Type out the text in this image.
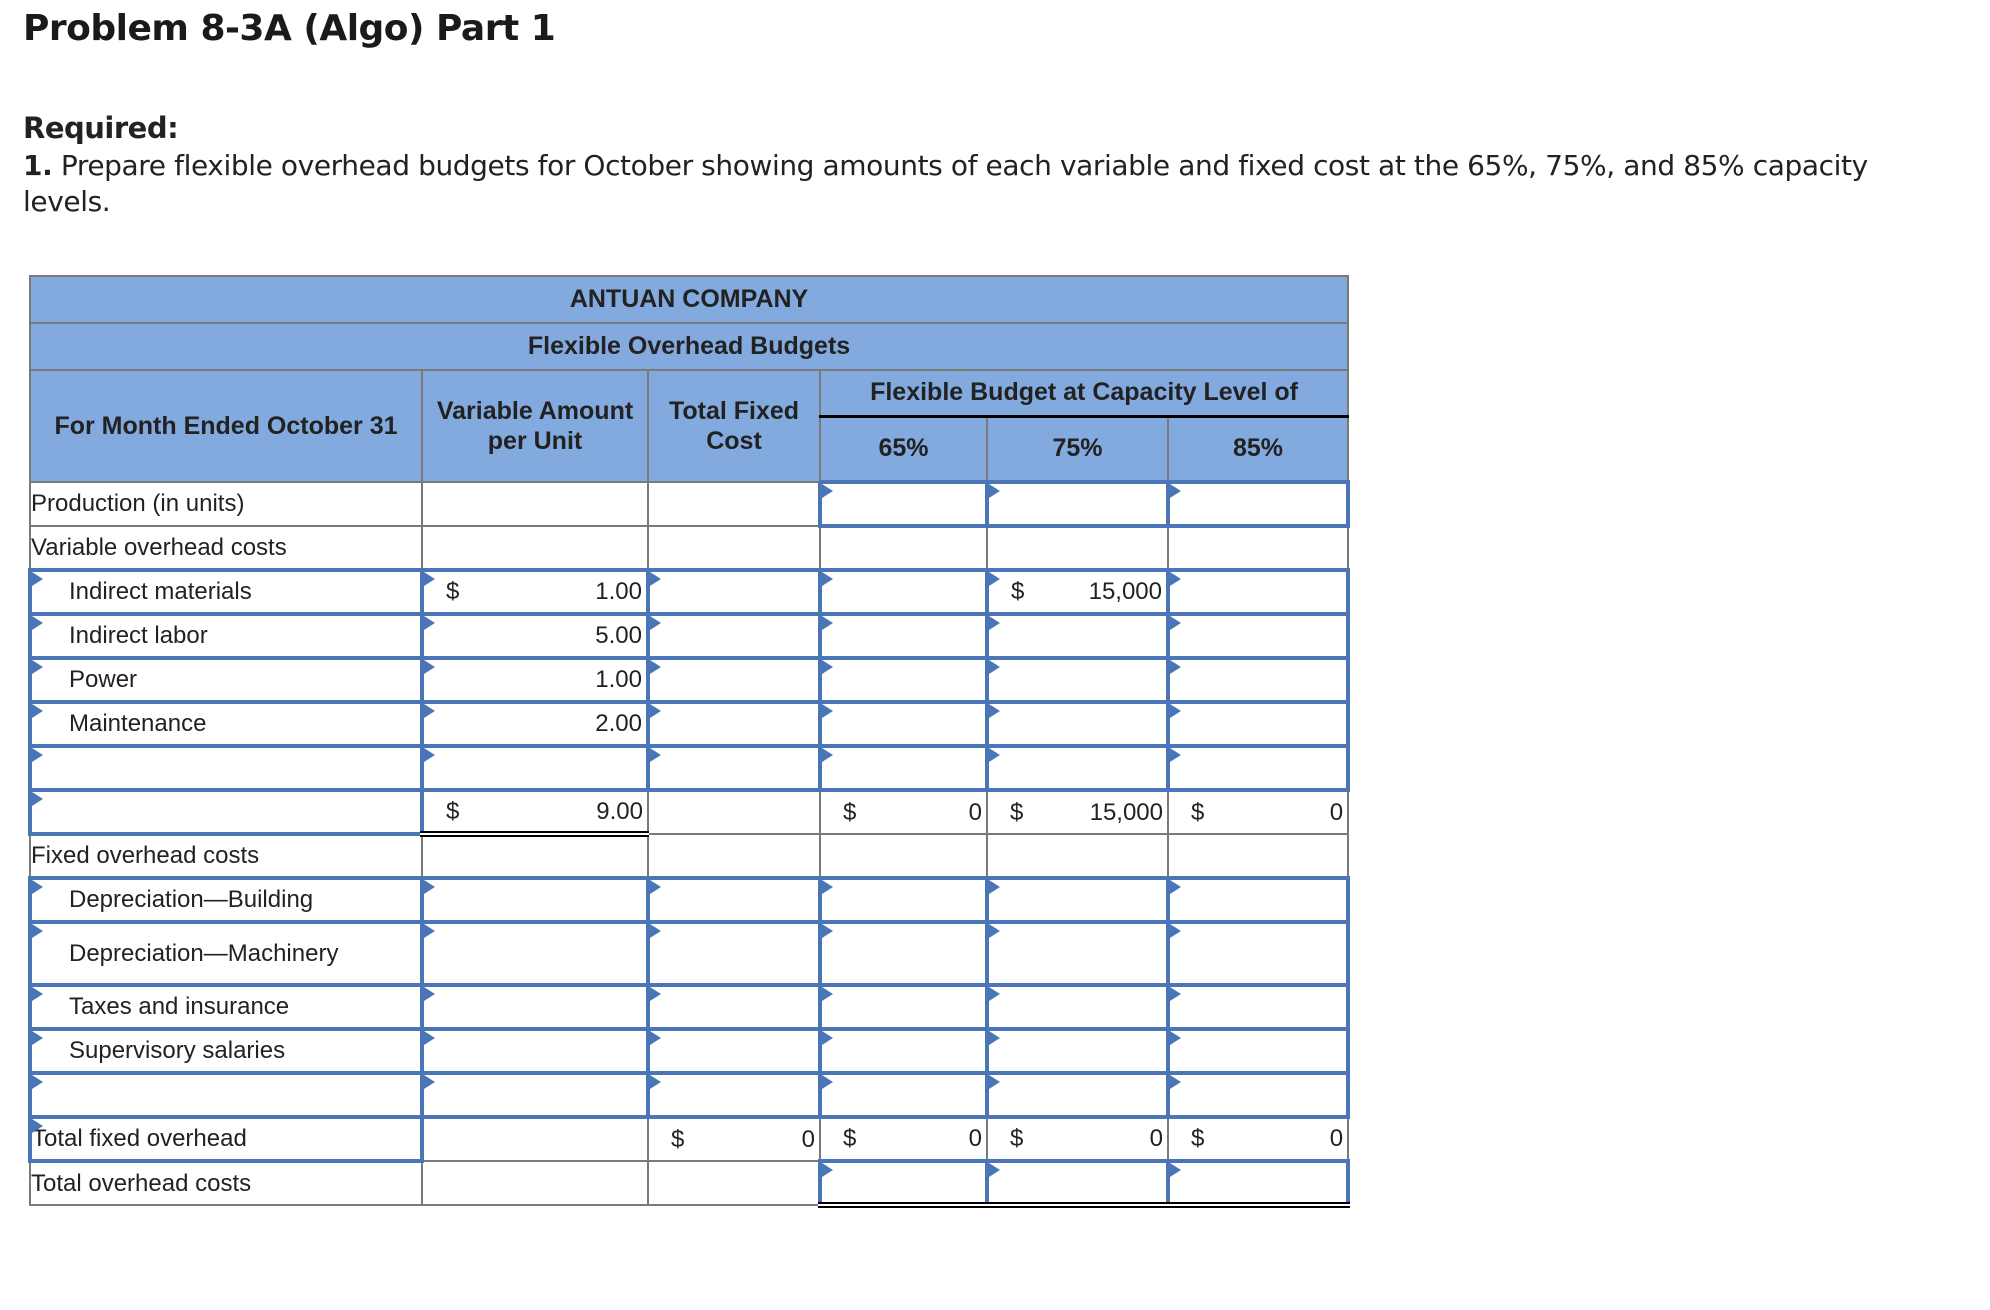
Problem 8-3A (Algo) Part 1
Required:
1. Prepare flexible overhead budgets for October showing amounts of each variable and fixed cost at the 65%, 75%, and 85% capacity levels.
ANTUAN COMPANY					
Flexible Overhead Budgets					
For Month Ended October 31	Variable Amount per Unit	Total Fixed Cost	Flexible Budget at Capacity Level of		
			65%	75%	85%
Production (in units)	

Variable overhead costs	

Indirect materials	$ 1.00			$ 15,000	

Indirect labor	5.00				

Power	1.00				

Maintenance	2.00				

	$ 9.00		$ 0	$ 15,000	$ 0

Fixed overhead costs	

Depreciation—Building	

Depreciation—Machinery	

Taxes and insurance	

Supervisory salaries	

Total fixed overhead		$ 0	$ 0	$ 0	$ 0

Total overhead costs	
